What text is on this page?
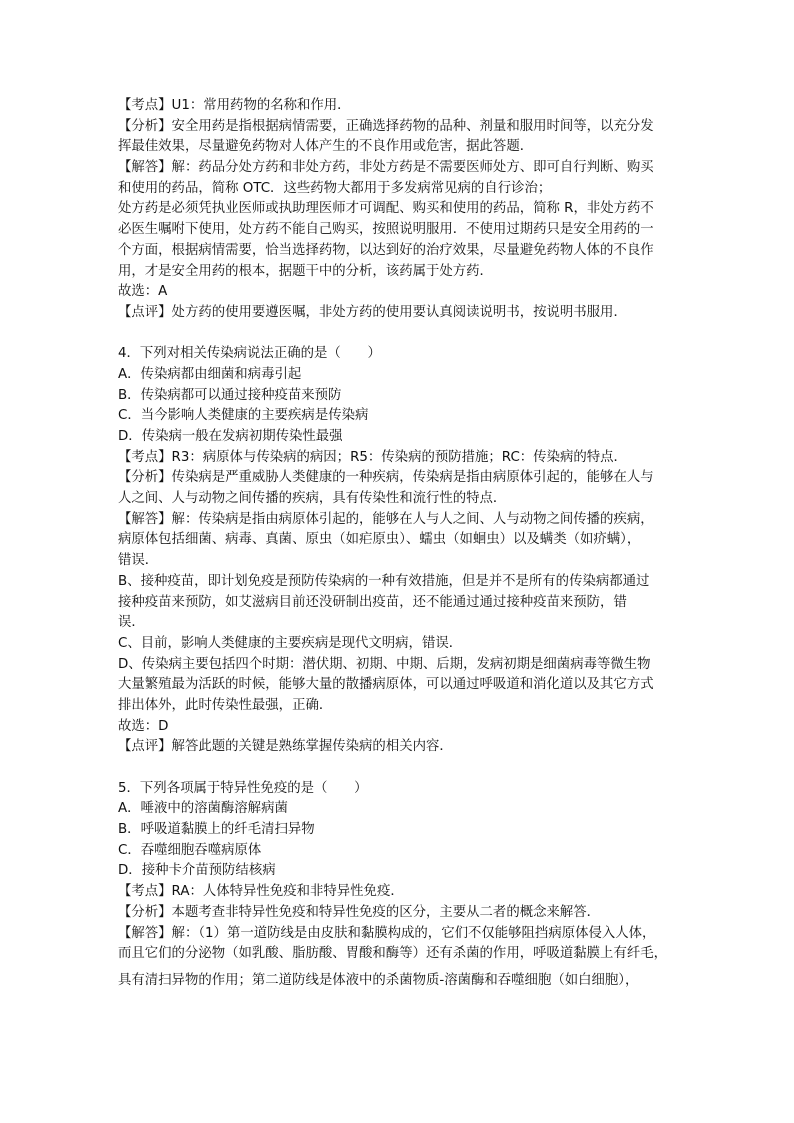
【考点】U1：常用药物的名称和作用．
【分析】安全用药是指根据病情需要，正确选择药物的品种、剂量和服用时间等，以充分发
挥最佳效果，尽量避免药物对人体产生的不良作用或危害，据此答题．
【解答】解：药品分处方药和非处方药，非处方药是不需要医师处方、即可自行判断、购买
和使用的药品，简称 OTC．这些药物大都用于多发病常见病的自行诊治；
处方药是必须凭执业医师或执助理医师才可调配、购买和使用的药品，简称 R，非处方药不
必医生嘱咐下使用，处方药不能自己购买，按照说明服用．不使用过期药只是安全用药的一
个方面，根据病情需要，恰当选择药物，以达到好的治疗效果，尽量避免药物人体的不良作
用，才是安全用药的根本，据题干中的分析，该药属于处方药．
故选：A
【点评】处方药的使用要遵医嘱，非处方药的使用要认真阅读说明书，按说明书服用．
4．下列对相关传染病说法正确的是（　　）
A．传染病都由细菌和病毒引起
B．传染病都可以通过接种疫苗来预防
C．当今影响人类健康的主要疾病是传染病
D．传染病一般在发病初期传染性最强
【考点】R3：病原体与传染病的病因；R5：传染病的预防措施；RC：传染病的特点．
【分析】传染病是严重威胁人类健康的一种疾病，传染病是指由病原体引起的，能够在人与
人之间、人与动物之间传播的疾病，具有传染性和流行性的特点．
【解答】解：传染病是指由病原体引起的，能够在人与人之间、人与动物之间传播的疾病，
病原体包括细菌、病毒、真菌、原虫（如疟原虫）、蠕虫（如蛔虫）以及螨类（如疥螨），
错误．
B、接种疫苗，即计划免疫是预防传染病的一种有效措施，但是并不是所有的传染病都通过
接种疫苗来预防，如艾滋病目前还没研制出疫苗，还不能通过通过接种疫苗来预防，错
误．
C、目前，影响人类健康的主要疾病是现代文明病，错误．
D、传染病主要包括四个时期：潜伏期、初期、中期、后期，发病初期是细菌病毒等微生物
大量繁殖最为活跃的时候，能够大量的散播病原体，可以通过呼吸道和消化道以及其它方式
排出体外，此时传染性最强，正确．
故选：D
【点评】解答此题的关键是熟练掌握传染病的相关内容．
5．下列各项属于特异性免疫的是（　　）
A．唾液中的溶菌酶溶解病菌
B．呼吸道黏膜上的纤毛清扫异物
C．吞噬细胞吞噬病原体
D．接种卡介苗预防结核病
【考点】RA：人体特异性免疫和非特异性免疫．
【分析】本题考查非特异性免疫和特异性免疫的区分，主要从二者的概念来解答．
【解答】解：（1）第一道防线是由皮肤和黏膜构成的，它们不仅能够阻挡病原体侵入人体，
而且它们的分泌物（如乳酸、脂肪酸、胃酸和酶等）还有杀菌的作用，呼吸道黏膜上有纤毛，
具有清扫异物的作用；第二道防线是体液中的杀菌物质-溶菌酶和吞噬细胞（如白细胞），
